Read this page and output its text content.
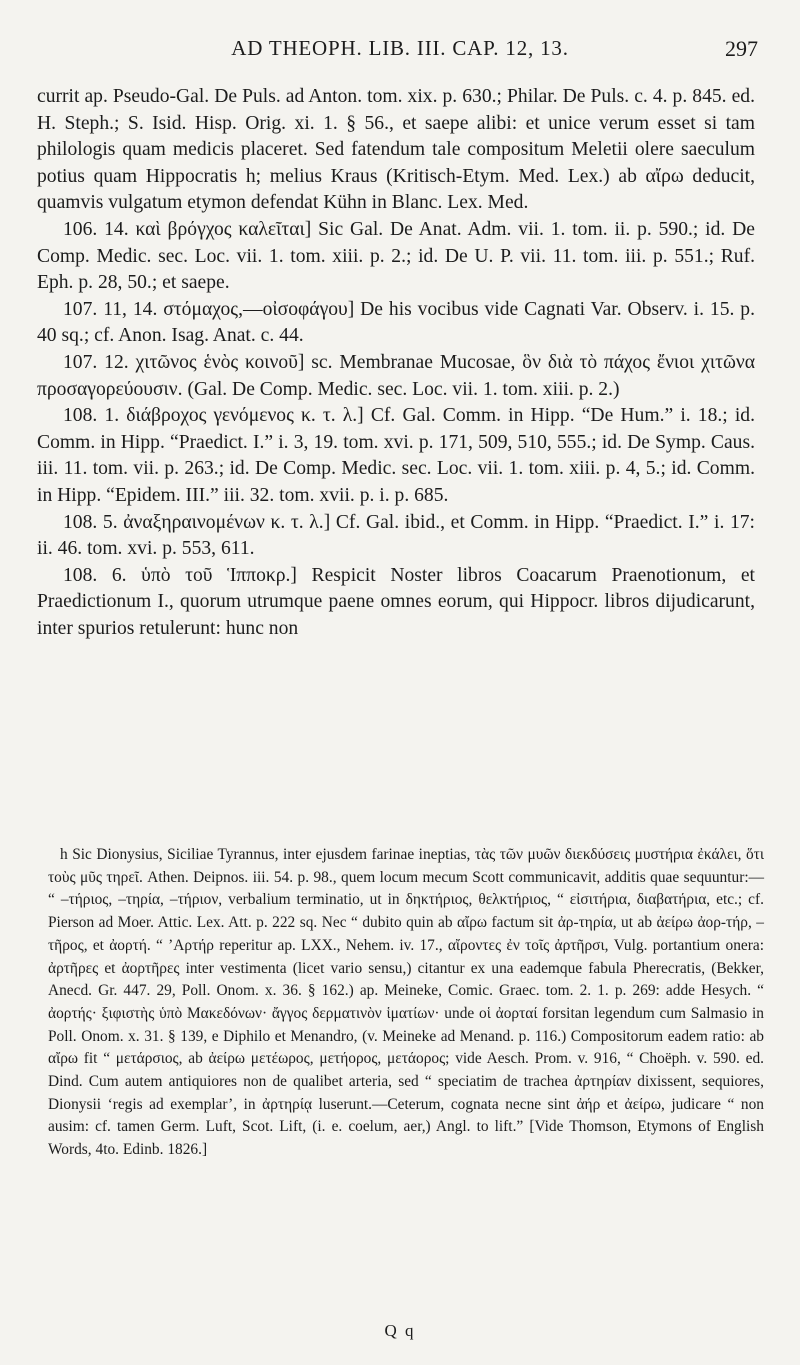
AD THEOPH. LIB. III. CAP. 12, 13.	297

currit ap. Pseudo-Gal. De Puls. ad Anton. tom. xix. p. 630.; Philar. De Puls. c. 4. p. 845. ed. H. Steph.; S. Isid. Hisp. Orig. xi. 1. § 56., et saepe alibi: et unice verum esset si tam philologis quam medicis placeret. Sed fatendum tale compositum Meletii olere saeculum potius quam Hippocratis h; melius Kraus (Kritisch-Etym. Med. Lex.) ab αἴρω deducit, quamvis vulgatum etymon defendat Kühn in Blanc. Lex. Med.

106. 14. καὶ βρόγχος καλεῖται] Sic Gal. De Anat. Adm. vii. 1. tom. ii. p. 590.; id. De Comp. Medic. sec. Loc. vii. 1. tom. xiii. p. 2.; id. De U. P. vii. 11. tom. iii. p. 551.; Ruf. Eph. p. 28, 50.; et saepe.

107. 11, 14. στόμαχος,—οἰσοφάγου] De his vocibus vide Cagnati Var. Observ. i. 15. p. 40 sq.; cf. Anon. Isag. Anat. c. 44.

107. 12. χιτῶνος ἑνὸς κοινοῦ] sc. Membranae Mucosae, ὃν διὰ τὸ πάχος ἔνιοι χιτῶνα προσαγορεύουσιν. (Gal. De Comp. Medic. sec. Loc. vii. 1. tom. xiii. p. 2.)

108. 1. διάβροχος γενόμενος κ. τ. λ.] Cf. Gal. Comm. in Hipp. “De Hum.” i. 18.; id. Comm. in Hipp. “Praedict. I.” i. 3, 19. tom. xvi. p. 171, 509, 510, 555.; id. De Symp. Caus. iii. 11. tom. vii. p. 263.; id. De Comp. Medic. sec. Loc. vii. 1. tom. xiii. p. 4, 5.; id. Comm. in Hipp. “Epidem. III.” iii. 32. tom. xvii. p. i. p. 685.

108. 5. ἀναξηραινομένων κ. τ. λ.] Cf. Gal. ibid., et Comm. in Hipp. “Praedict. I.” i. 17: ii. 46. tom. xvi. p. 553, 611.

108. 6. ὑπὸ τοῦ Ἱπποκρ.] Respicit Noster libros Coacarum Praenotionum, et Praedictionum I., quorum utrumque paene omnes eorum, qui Hippocr. libros dijudicarunt, inter spurios retulerunt: hunc non

h Sic Dionysius, Siciliae Tyrannus, inter ejusdem farinae ineptias, τὰς τῶν μυῶν διεκδύσεις μυστήρια ἐκάλει, ὅτι τοὺς μῦς τηρεῖ. Athen. Deipnos. iii. 54. p. 98., quem locum mecum Scott communicavit, additis quae sequuntur:— “ –τήριος, –τηρία, –τήριον, verbalium terminatio, ut in δηκτήριος, θελκτήριος, “ εἰσιτήρια, διαβατήρια, etc.; cf. Pierson ad Moer. Attic. Lex. Att. p. 222 sq. Nec “ dubito quin ab αἴρω factum sit ἀρ-τηρία, ut ab ἀείρω ἀορ-τήρ, –τῆρος, et ἀορτή. “ ’Αρτήρ reperitur ap. LXX., Nehem. iv. 17., αἴροντες ἐν τοῖς ἀρτῆρσι, Vulg. portantium onera: ἀρτῆρες et ἀορτῆρες inter vestimenta (licet vario sensu,) citantur ex una eademque fabula Pherecratis, (Bekker, Anecd. Gr. 447. 29, Poll. Onom. x. 36. § 162.) ap. Meineke, Comic. Graec. tom. 2. 1. p. 269: adde Hesych. “ ἀορτής· ξιφιστὴς ὑπὸ Μακεδόνων· ἄγγος δερματινὸν ἱματίων· unde οἱ ἀορταί forsitan legendum cum Salmasio in Poll. Onom. x. 31. § 139, e Diphilo et Menandro, (v. Meineke ad Menand. p. 116.) Compositorum eadem ratio: ab αἴρω fit “ μετάρσιος, ab ἀείρω μετέωρος, μετήορος, μετάορος; vide Aesch. Prom. v. 916, “ Choëph. v. 590. ed. Dind. Cum autem antiquiores non de qualibet arteria, sed “ speciatim de trachea ἀρτηρίαν dixissent, sequiores, Dionysii ‘regis ad exemplar’, in ἀρτηρίᾳ luserunt.—Ceterum, cognata necne sint ἀήρ et ἀείρω, judicare “ non ausim: cf. tamen Germ. Luft, Scot. Lift, (i. e. coelum, aer,) Angl. to lift.” [Vide Thomson, Etymons of English Words, 4to. Edinb. 1826.]

Q q
